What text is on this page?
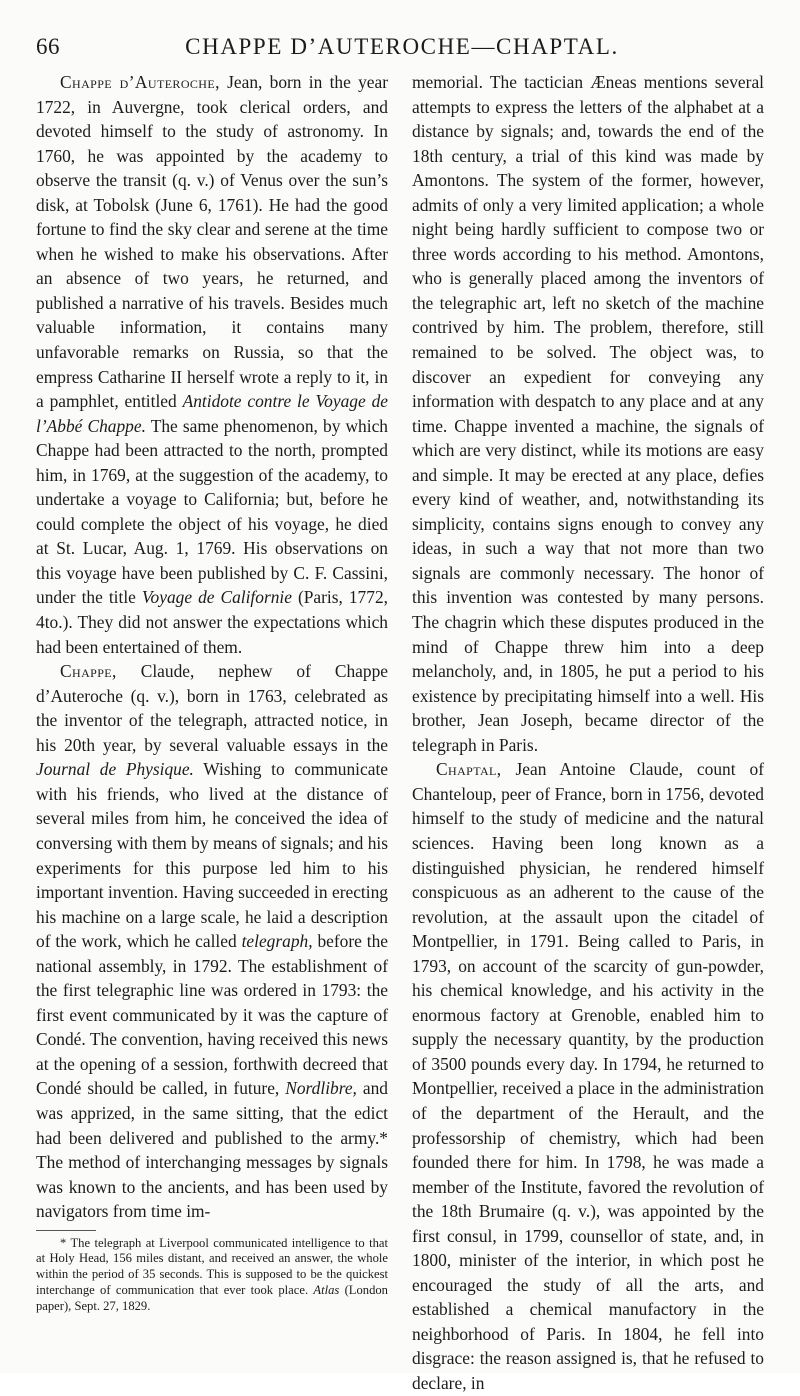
66	CHAPPE D’AUTEROCHE—CHAPTAL.

Chappe d’Auteroche, Jean, born in the year 1722, in Auvergne, took clerical orders, and devoted himself to the study of astronomy. In 1760, he was appointed by the academy to observe the transit (q. v.) of Venus over the sun’s disk, at Tobolsk (June 6, 1761). He had the good fortune to find the sky clear and serene at the time when he wished to make his observations. After an absence of two years, he returned, and published a narrative of his travels. Besides much valuable information, it contains many unfavorable remarks on Russia, so that the empress Catharine II herself wrote a reply to it, in a pamphlet, entitled Antidote contre le Voyage de l’Abbé Chappe. The same phenomenon, by which Chappe had been attracted to the north, prompted him, in 1769, at the suggestion of the academy, to undertake a voyage to California; but, before he could complete the object of his voyage, he died at St. Lucar, Aug. 1, 1769. His observations on this voyage have been published by C. F. Cassini, under the title Voyage de Californie (Paris, 1772, 4to.). They did not answer the expectations which had been entertained of them.

Chappe, Claude, nephew of Chappe d’Auteroche (q. v.), born in 1763, celebrated as the inventor of the telegraph, attracted notice, in his 20th year, by several valuable essays in the Journal de Physique. Wishing to communicate with his friends, who lived at the distance of several miles from him, he conceived the idea of conversing with them by means of signals; and his experiments for this purpose led him to his important invention. Having succeeded in erecting his machine on a large scale, he laid a description of the work, which he called telegraph, before the national assembly, in 1792. The establishment of the first telegraphic line was ordered in 1793: the first event communicated by it was the capture of Condé. The convention, having received this news at the opening of a session, forthwith decreed that Condé should be called, in future, Nordlibre, and was apprized, in the same sitting, that the edict had been delivered and published to the army.* The method of interchanging messages by signals was known to the ancients, and has been used by navigators from time im-

* The telegraph at Liverpool communicated intelligence to that at Holy Head, 156 miles distant, and received an answer, the whole within the period of 35 seconds. This is supposed to be the quickest interchange of communication that ever took place. Atlas (London paper), Sept. 27, 1829.

memorial. The tactician Æneas mentions several attempts to express the letters of the alphabet at a distance by signals; and, towards the end of the 18th century, a trial of this kind was made by Amontons. The system of the former, however, admits of only a very limited application; a whole night being hardly sufficient to compose two or three words according to his method. Amontons, who is generally placed among the inventors of the telegraphic art, left no sketch of the machine contrived by him. The problem, therefore, still remained to be solved. The object was, to discover an expedient for conveying any information with despatch to any place and at any time. Chappe invented a machine, the signals of which are very distinct, while its motions are easy and simple. It may be erected at any place, defies every kind of weather, and, notwithstanding its simplicity, contains signs enough to convey any ideas, in such a way that not more than two signals are commonly necessary. The honor of this invention was contested by many persons. The chagrin which these disputes produced in the mind of Chappe threw him into a deep melancholy, and, in 1805, he put a period to his existence by precipitating himself into a well. His brother, Jean Joseph, became director of the telegraph in Paris.

Chaptal, Jean Antoine Claude, count of Chanteloup, peer of France, born in 1756, devoted himself to the study of medicine and the natural sciences. Having been long known as a distinguished physician, he rendered himself conspicuous as an adherent to the cause of the revolution, at the assault upon the citadel of Montpellier, in 1791. Being called to Paris, in 1793, on account of the scarcity of gun-powder, his chemical knowledge, and his activity in the enormous factory at Grenoble, enabled him to supply the necessary quantity, by the production of 3500 pounds every day. In 1794, he returned to Montpellier, received a place in the administration of the department of the Herault, and the professorship of chemistry, which had been founded there for him. In 1798, he was made a member of the Institute, favored the revolution of the 18th Brumaire (q. v.), was appointed by the first consul, in 1799, counsellor of state, and, in 1800, minister of the interior, in which post he encouraged the study of all the arts, and established a chemical manufactory in the neighborhood of Paris. In 1804, he fell into disgrace: the reason assigned is, that he refused to declare, in
